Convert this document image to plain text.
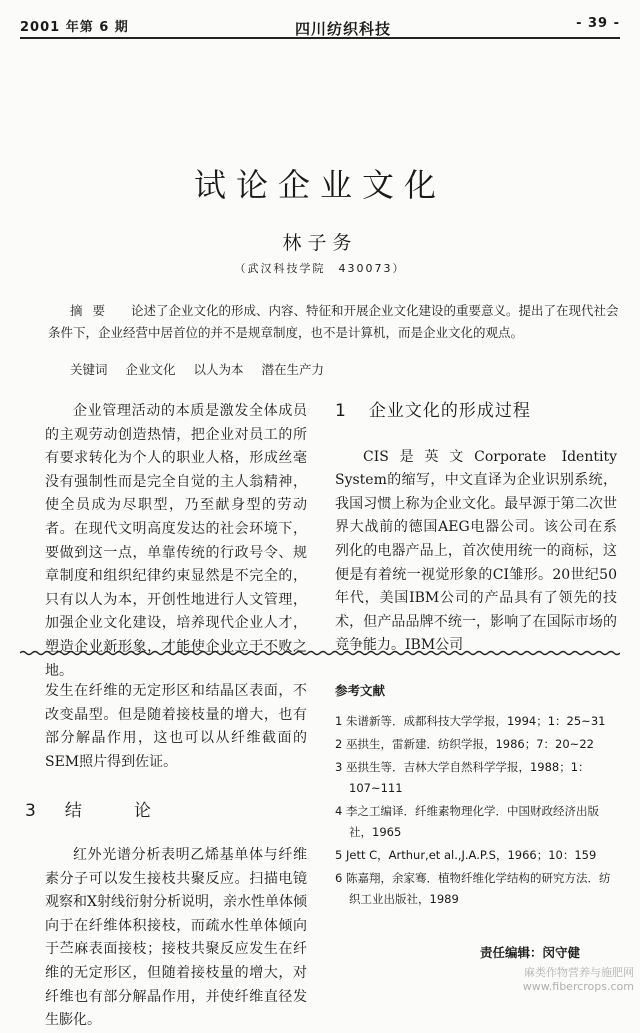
2001 年第 6 期	四川纺织科技	- 39 -
试论企业文化
林子务
（武汉科技学院　430073）
摘要 论述了企业文化的形成、内容、特征和开展企业文化建设的重要意义。提出了在现代社会条件下，企业经营中居首位的并不是规章制度，也不是计算机，而是企业文化的观点。
关键词 企业文化 以人为本 潜在生产力

企业管理活动的本质是激发全体成员的主观劳动创造热情，把企业对员工的所有要求转化为个人的职业人格，形成丝毫没有强制性而是完全自觉的主人翁精神，使全员成为尽职型，乃至献身型的劳动者。在现代文明高度发达的社会环境下，要做到这一点，单靠传统的行政号令、规章制度和组织纪律约束显然是不完全的，只有以人为本，开创性地进行人文管理，加强企业文化建设，培养现代企业人才，塑造企业新形象，才能使企业立于不败之地。

1 企业文化的形成过程

CIS是英文Corporate Identity System的缩写，中文直译为企业识别系统，我国习惯上称为企业文化。最早源于第二次世界大战前的德国AEG电器公司。该公司在系列化的电器产品上，首次使用统一的商标，这便是有着统一视觉形象的CI雏形。20世纪50年代，美国IBM公司的产品具有了领先的技术，但产品品牌不统一，影响了在国际市场的竞争能力。IBM公司

发生在纤维的无定形区和结晶区表面，不改变晶型。但是随着接枝量的增大，也有部分解晶作用，这也可以从纤维截面的SEM照片得到佐证。

3 结论

红外光谱分析表明乙烯基单体与纤维素分子可以发生接枝共聚反应。扫描电镜观察和X射线衍射分析说明，亲水性单体倾向于在纤维体积接枝，而疏水性单体倾向于苎麻表面接枝；接枝共聚反应发生在纤维的无定形区，但随着接枝量的增大，对纤维也有部分解晶作用，并使纤维直径发生膨化。

参考文献
1 朱谱新等．成都科技大学学报，1994；1：25~31
2 巫拱生，雷新建．纺织学报，1986；7：20~22
3 巫拱生等．吉林大学自然科学学报，1988；1：107~111
4 李之工编译．纤维素物理化学．中国财政经济出版社，1965
5 Jett C，Arthur,et al.,J.A.P.S，1966；10：159
6 陈嘉翔，余家骞．植物纤维化学结构的研究方法．纺织工业出版社，1989
责任编辑：闵守健
麻类作物营养与施肥网
www.fibercrops.com
